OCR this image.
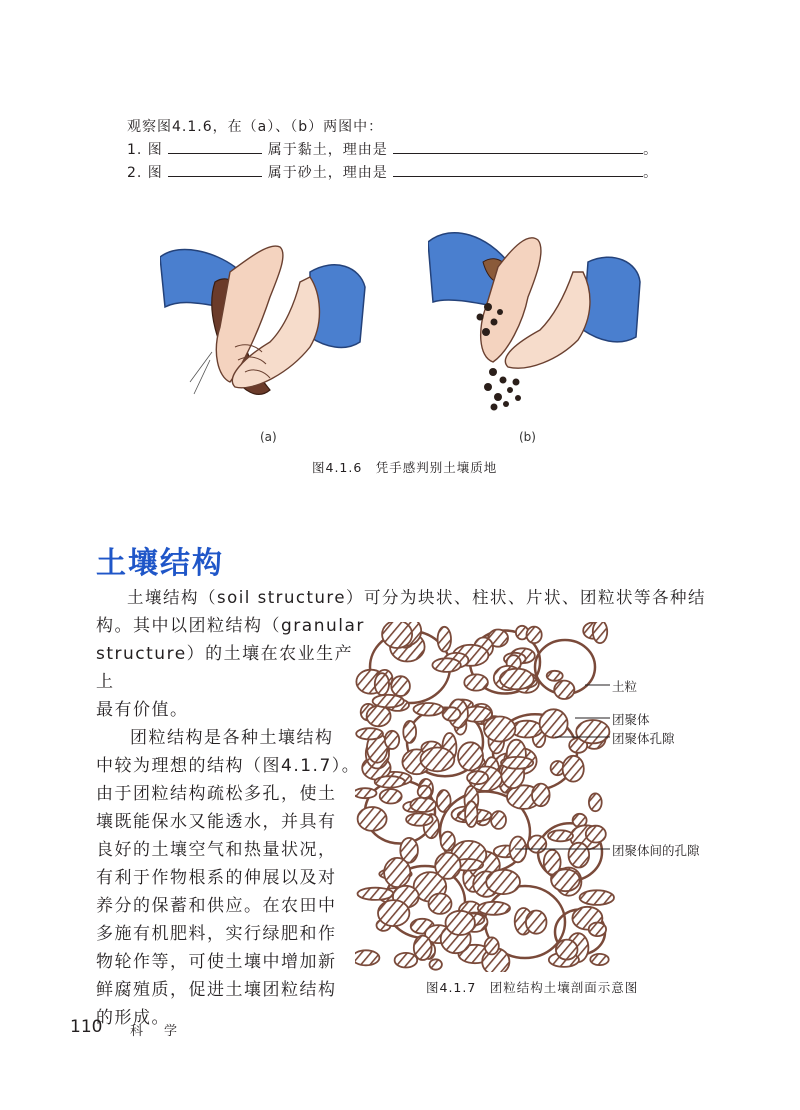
观察图4.1.6，在（a）、（b）两图中：
1. 图	属于黏土，理由是	。
2. 图	属于砂土，理由是	。
(a)	(b)
图4.1.6　凭手感判别土壤质地
土壤结构
土壤结构（soil structure）可分为块状、柱状、片状、团粒状等各种结
构。其中以团粒结构（granular
structure）的土壤在农业生产上
最有价值。
团粒结构是各种土壤结构
中较为理想的结构（图4.1.7）。
由于团粒结构疏松多孔，使土
壤既能保水又能透水，并具有
良好的土壤空气和热量状况，
有利于作物根系的伸展以及对
养分的保蓄和供应。在农田中
多施有机肥料，实行绿肥和作
物轮作等，可使土壤中增加新
鲜腐殖质，促进土壤团粒结构
的形成。
土粒
团聚体
团聚体孔隙
团聚体间的孔隙
图4.1.7　团粒结构土壤剖面示意图
110 科　学
